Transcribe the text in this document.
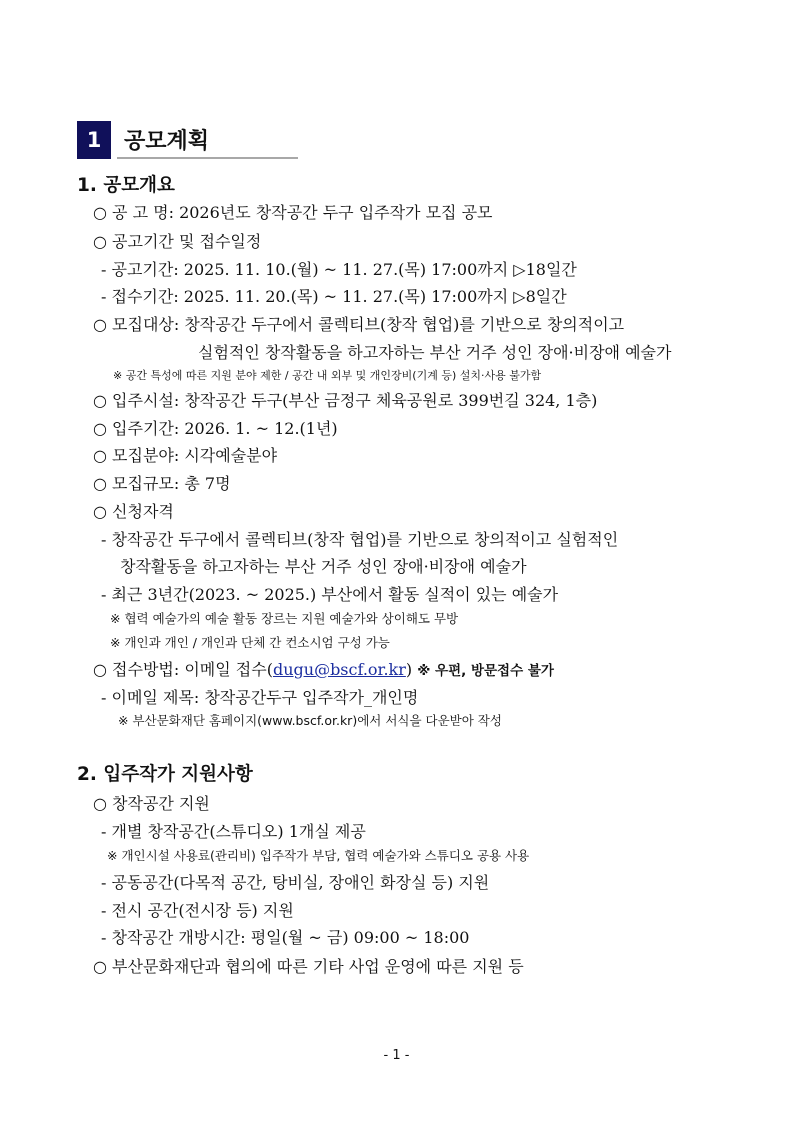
1	공모계획
1. 공모개요
○ 공 고 명: 2026년도 창작공간 두구 입주작가 모집 공모
○ 공고기간 및 접수일정
- 공고기간: 2025. 11. 10.(월) ~ 11. 27.(목) 17:00까지 ▷18일간
- 접수기간: 2025. 11. 20.(목) ~ 11. 27.(목) 17:00까지 ▷8일간
○ 모집대상: 창작공간 두구에서 콜렉티브(창작 협업)를 기반으로 창의적이고
실험적인 창작활동을 하고자하는 부산 거주 성인 장애·비장애 예술가
※ 공간 특성에 따른 지원 분야 제한 / 공간 내 외부 및 개인장비(기계 등) 설치·사용 불가함
○ 입주시설: 창작공간 두구(부산 금정구 체육공원로 399번길 324, 1층)
○ 입주기간: 2026. 1. ~ 12.(1년)
○ 모집분야: 시각예술분야
○ 모집규모: 총 7명
○ 신청자격
- 창작공간 두구에서 콜렉티브(창작 협업)를 기반으로 창의적이고 실험적인
창작활동을 하고자하는 부산 거주 성인 장애·비장애 예술가
- 최근 3년간(2023. ~ 2025.) 부산에서 활동 실적이 있는 예술가
※ 협력 예술가의 예술 활동 장르는 지원 예술가와 상이해도 무방
※ 개인과 개인 / 개인과 단체 간 컨소시엄 구성 가능
○ 접수방법: 이메일 접수(dugu@bscf.or.kr) ※ 우편, 방문접수 불가
- 이메일 제목: 창작공간두구 입주작가_개인명
※ 부산문화재단 홈페이지(www.bscf.or.kr)에서 서식을 다운받아 작성
2. 입주작가 지원사항
○ 창작공간 지원
- 개별 창작공간(스튜디오) 1개실 제공
※ 개인시설 사용료(관리비) 입주작가 부담, 협력 예술가와 스튜디오 공용 사용
- 공동공간(다목적 공간, 탕비실, 장애인 화장실 등) 지원
- 전시 공간(전시장 등) 지원
- 창작공간 개방시간: 평일(월 ~ 금) 09:00 ~ 18:00
○ 부산문화재단과 협의에 따른 기타 사업 운영에 따른 지원 등
- 1 -
